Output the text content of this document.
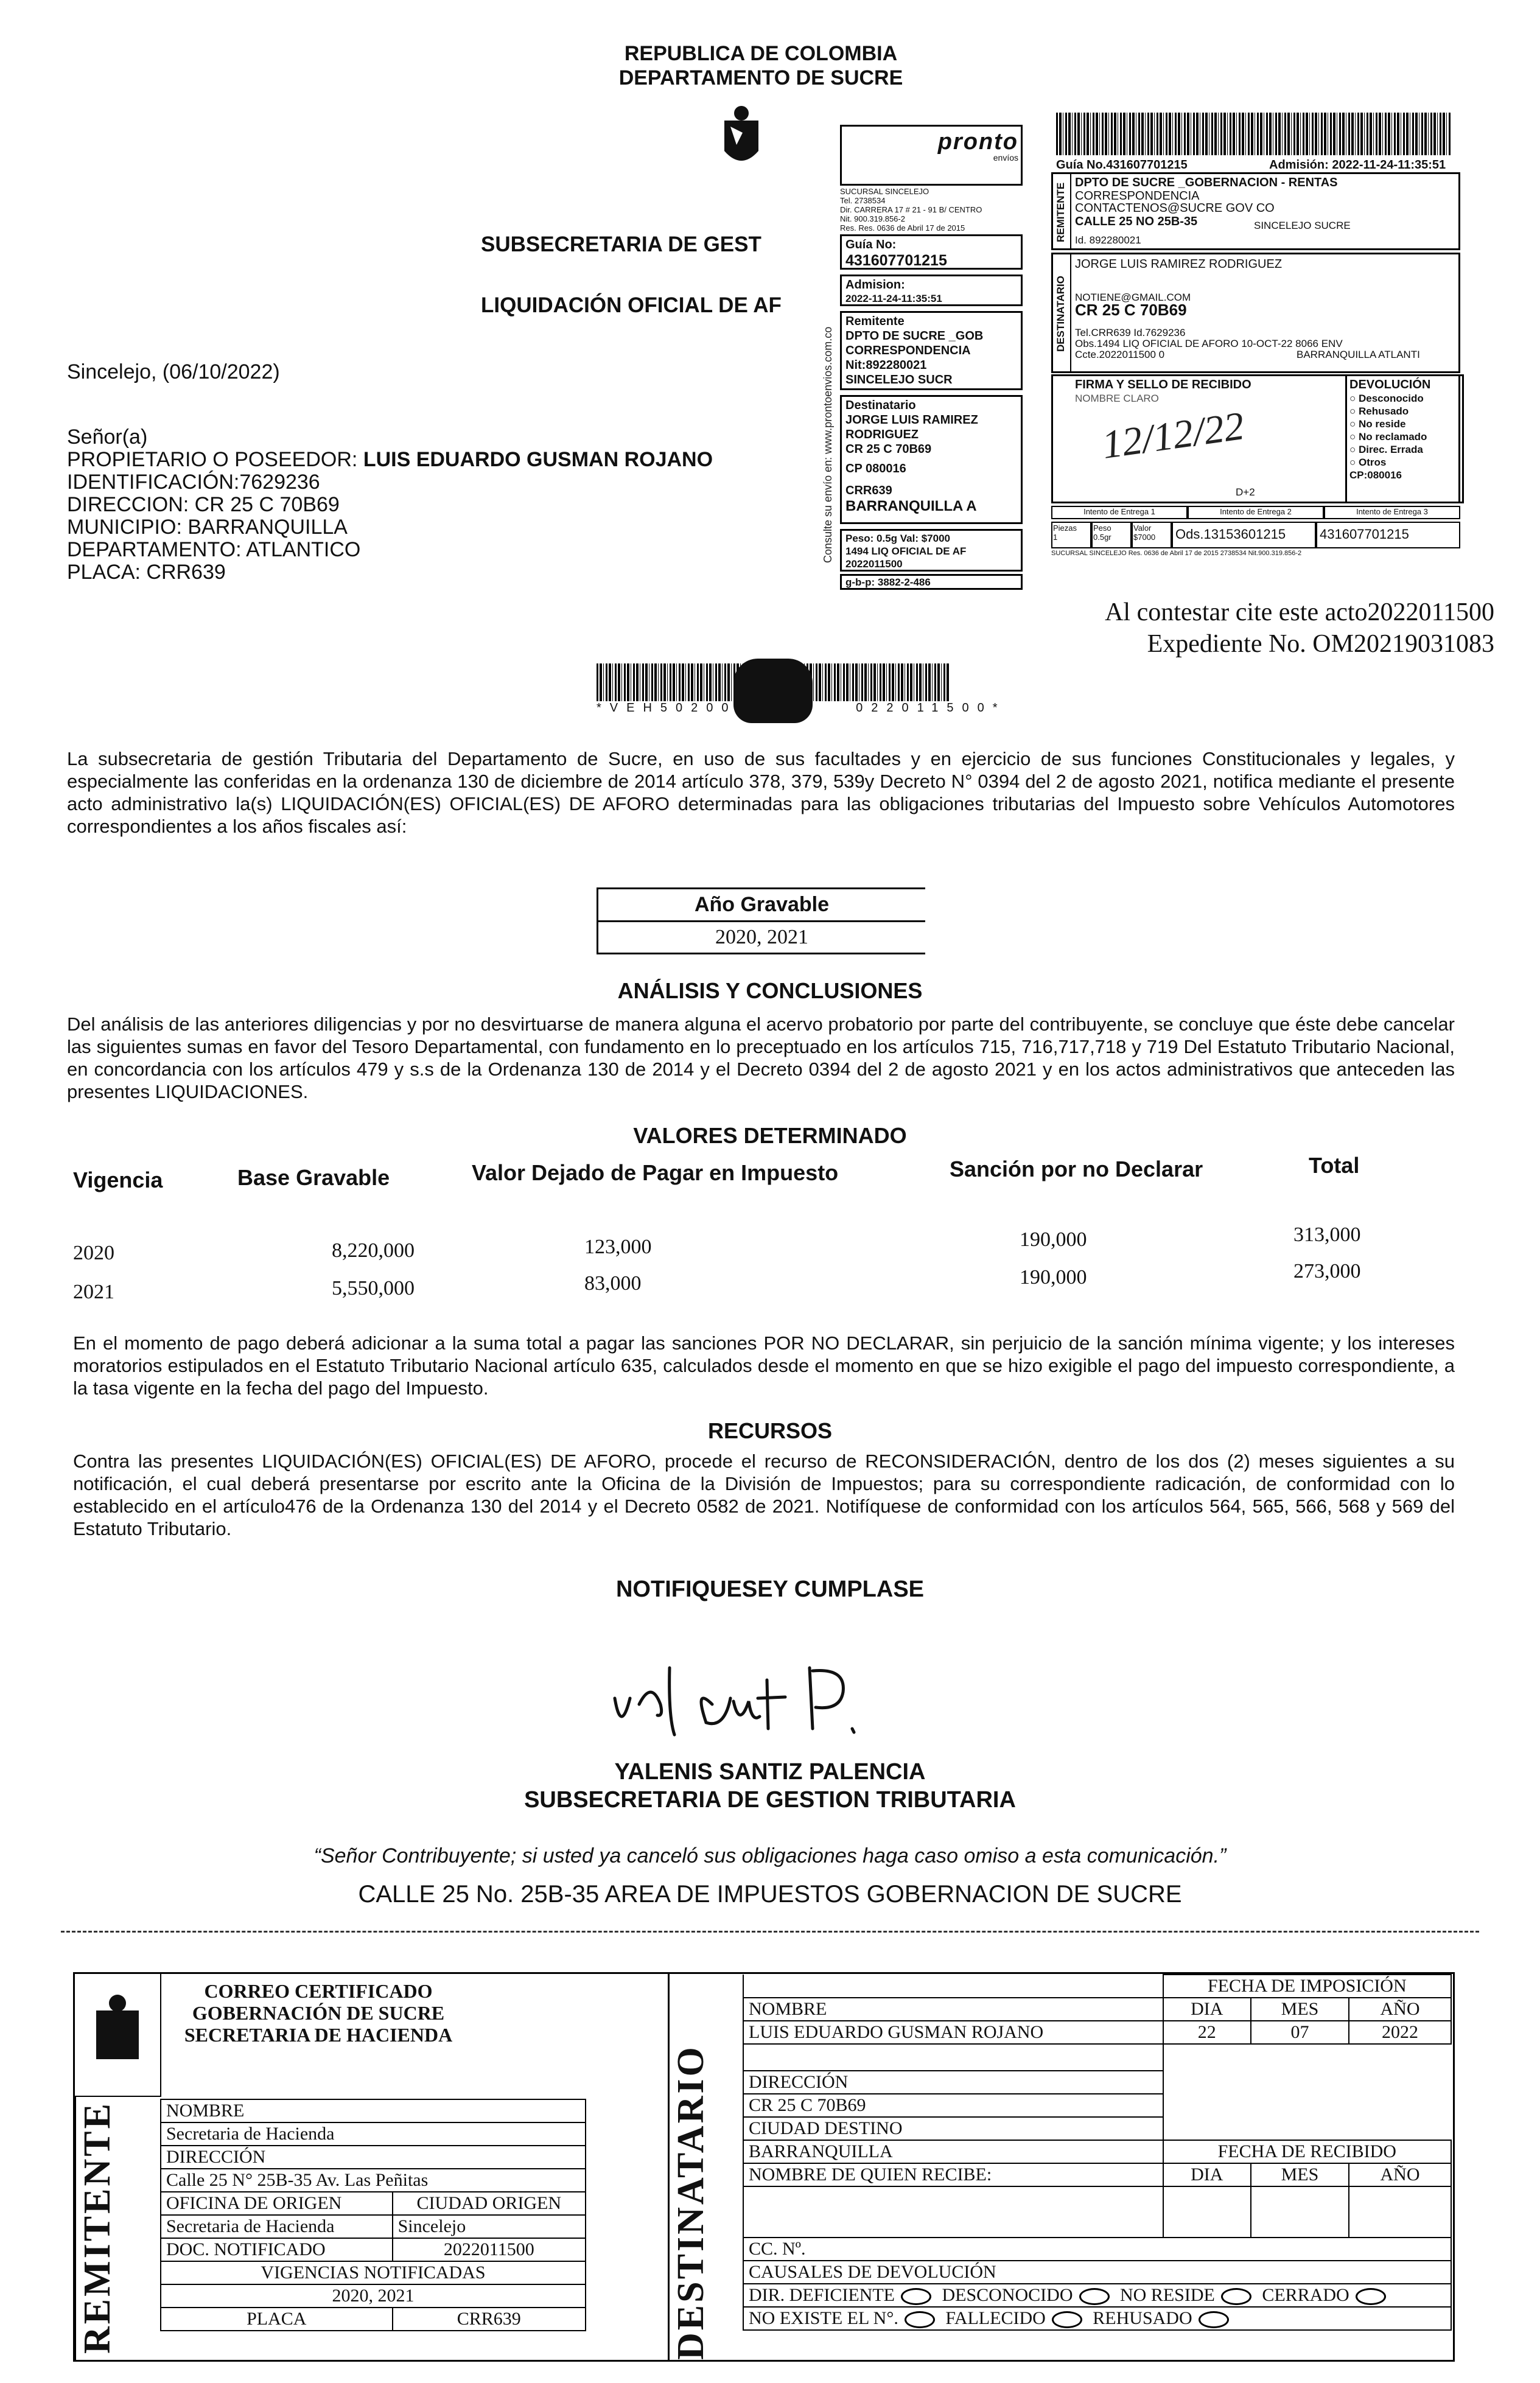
REPUBLICA DE COLOMBIA
DEPARTAMENTO DE SUCRE
SUBSECRETARIA DE GEST
LIQUIDACIÓN OFICIAL DE AF
Sincelejo, (06/10/2022)
Señor(a)
PROPIETARIO O POSEEDOR: LUIS EDUARDO GUSMAN ROJANO
IDENTIFICACIÓN:7629236
DIRECCION: CR 25 C 70B69
MUNICIPIO: BARRANQUILLA
DEPARTAMENTO: ATLANTICO
PLACA: CRR639
Consulte su envío en: www.prontoenvios.com.co
pronto
envíos
SUCURSAL SINCELEJO
Tel. 2738534
Dir. CARRERA 17 # 21 - 91 B/ CENTRO
Nit. 900.319.856-2
Res. Res. 0636 de Abril 17 de 2015
Guía No:
431607701215
Admision:
2022-11-24-11:35:51
Remitente
DPTO DE SUCRE _GOB
CORRESPONDENCIA
Nit:892280021
SINCELEJO SUCR
Destinatario
JORGE LUIS RAMIREZ
RODRIGUEZ
CR 25 C 70B69
CP 080016
CRR639
BARRANQUILLA A
Peso: 0.5g Val: $7000
1494 LIQ OFICIAL DE AF
2022011500
g-b-p: 3882-2-486
Guía No.431607701215	Admisión: 2022-11-24-11:35:51
REMITENTE DPTO DE SUCRE _GOBERNACION - RENTAS
CORRESPONDENCIA
CONTACTENOS@SUCRE GOV CO
CALLE 25 NO 25B-35	SINCELEJO SUCRE
Id. 892280021
DESTINATARIO
JORGE LUIS RAMIREZ RODRIGUEZ
NOTIENE@GMAIL.COM
CR 25 C 70B69
Tel.CRR639 Id.7629236
Obs.1494 LIQ OFICIAL DE AFORO 10-OCT-22 8066 ENV
Ccte.2022011500 0	BARRANQUILLA ATLANTI
FIRMA Y SELLO DE RECIBIDO
NOMBRE CLARO
12/12/22
D+2
DEVOLUCIÓN
○ Desconocido
○ Rehusado
○ No reside
○ No reclamado
○ Direc. Errada
○ Otros
CP:080016
Intento de Entrega 1	Intento de Entrega 2	Intento de Entrega 3
Piezas
1
Peso
0.5gr
Valor
$7000	Ods.13153601215	431607701215
SUCURSAL SINCELEJO Res. 0636 de Abril 17 de 2015 2738534 Nit.900.319.856-2
Al contestar cite este acto2022011500
Expediente No. OM20219031083
*VEH50200          022011500*
La subsecretaria de gestión Tributaria del Departamento de Sucre, en uso de sus facultades y en ejercicio de sus funciones Constitucionales y legales, y especialmente las conferidas en la ordenanza 130 de diciembre de 2014 artículo 378, 379, 539y Decreto N° 0394 del 2 de agosto 2021, notifica mediante el presente acto administrativo la(s) LIQUIDACIÓN(ES) OFICIAL(ES) DE AFORO determinadas para las obligaciones tributarias del Impuesto sobre Vehículos Automotores correspondientes a los años fiscales así:
Año Gravable
2020, 2021
ANÁLISIS Y CONCLUSIONES
Del análisis de las anteriores diligencias y por no desvirtuarse de manera alguna el acervo probatorio por parte del contribuyente, se concluye que éste debe cancelar las siguientes sumas en favor del Tesoro Departamental, con fundamento en lo preceptuado en los artículos 715, 716,717,718 y 719 Del Estatuto Tributario Nacional, en concordancia con los artículos 479 y s.s de la Ordenanza 130 de 2014 y el Decreto 0394 del 2 de agosto 2021 y en los actos administrativos que anteceden las presentes LIQUIDACIONES.
VALORES DETERMINADO
Vigencia	Base Gravable	Valor Dejado de Pagar en Impuesto	Sanción por no Declarar	Total
2020	8,220,000	123,000	190,000	313,000
2021	5,550,000	83,000	190,000	273,000
En el momento de pago deberá adicionar a la suma total a pagar las sanciones POR NO DECLARAR, sin perjuicio de la sanción mínima vigente; y los intereses moratorios estipulados en el Estatuto Tributario Nacional artículo 635, calculados desde el momento en que se hizo exigible el pago del impuesto correspondiente, a la tasa vigente en la fecha del pago del Impuesto.
RECURSOS
Contra las presentes LIQUIDACIÓN(ES) OFICIAL(ES) DE AFORO, procede el recurso de RECONSIDERACIÓN, dentro de los dos (2) meses siguientes a su notificación, el cual deberá presentarse por escrito ante la Oficina de la División de Impuestos; para su correspondiente radicación, de conformidad con lo establecido en el artículo476 de la Ordenanza 130 del 2014 y el Decreto 0582 de 2021. Notifíquese de conformidad con los artículos 564, 565, 566, 568 y 569 del Estatuto Tributario.
NOTIFIQUESEY CUMPLASE
YALENIS SANTIZ PALENCIA
SUBSECRETARIA DE GESTION TRIBUTARIA
“Señor Contribuyente; si usted ya canceló sus obligaciones haga caso omiso a esta comunicación.”
CALLE 25 No. 25B-35 AREA DE IMPUESTOS GOBERNACION DE SUCRE
CORREO CERTIFICADO
GOBERNACIÓN DE SUCRE
SECRETARIA DE HACIENDA
REMITENTE	NOMBRE	
Secretaria de Hacienda	
DIRECCIÓN	
Calle 25 N° 25B-35 Av. Las Peñitas	
OFICINA DE ORIGEN	CIUDAD ORIGEN
Secretaria de Hacienda	Sincelejo
DOC. NOTIFICADO	2022011500
VIGENCIAS NOTIFICADAS	
2020, 2021	
PLACA	CRR639	DESTINATARIO
	FECHA DE IMPOSICIÓN		
NOMBRE	DIA	MES	AÑO
LUIS EDUARDO GUSMAN ROJANO	22	07	2022

DIRECCIÓN			
CR 25 C 70B69			
CIUDAD DESTINO			
BARRANQUILLA	FECHA DE RECIBIDO		
NOMBRE DE QUIEN RECIBE:	DIA	MES	AÑO

CC. Nº.			
CAUSALES DE DEVOLUCIÓN			
DIR. DEFICIENTE DESCONOCIDO NO RESIDE CERRADO			
NO EXISTE EL N°. FALLECIDO REHUSADO			
